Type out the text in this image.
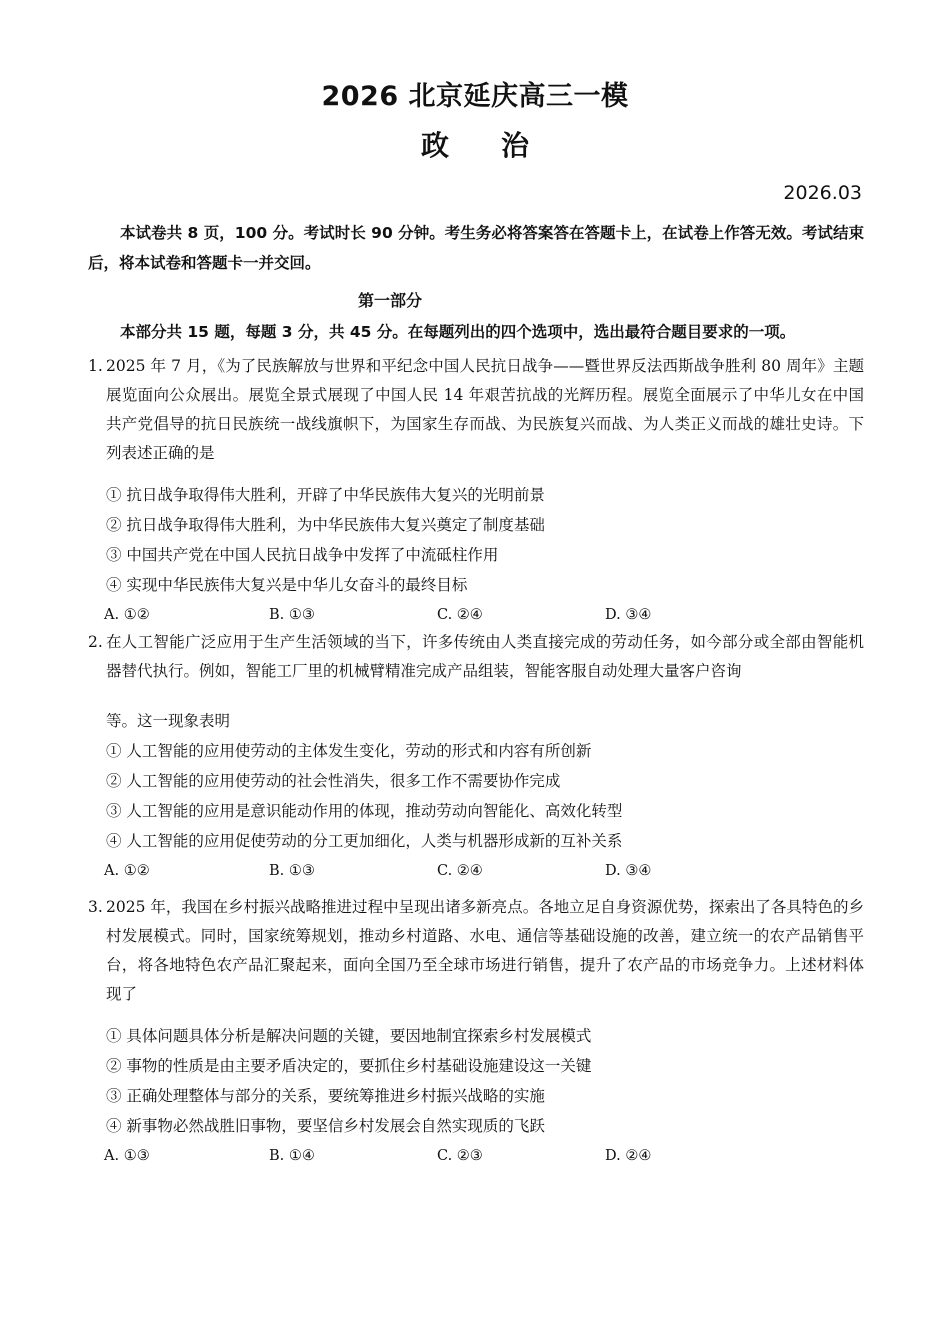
2026 北京延庆高三一模
政治
2026.03
本试卷共 8 页，100 分。考试时长 90 分钟。考生务必将答案答在答题卡上，在试卷上作答无效。考试结束后，将本试卷和答题卡一并交回。
第一部分
本部分共 15 题，每题 3 分，共 45 分。在每题列出的四个选项中，选出最符合题目要求的一项。
1. 2025 年 7 月，《为了民族解放与世界和平纪念中国人民抗日战争——暨世界反法西斯战争胜利 80 周年》主题展览面向公众展出。展览全景式展现了中国人民 14 年艰苦抗战的光辉历程。展览全面展示了中华儿女在中国共产党倡导的抗日民族统一战线旗帜下，为国家生存而战、为民族复兴而战、为人类正义而战的雄壮史诗。下列表述正确的是
① 抗日战争取得伟大胜利，开辟了中华民族伟大复兴的光明前景
② 抗日战争取得伟大胜利，为中华民族伟大复兴奠定了制度基础
③ 中国共产党在中国人民抗日战争中发挥了中流砥柱作用
④ 实现中华民族伟大复兴是中华儿女奋斗的最终目标
A. ①②	B. ①③	C. ②④	D. ③④
2. 在人工智能广泛应用于生产生活领域的当下，许多传统由人类直接完成的劳动任务，如今部分或全部由智能机器替代执行。例如，智能工厂里的机械臂精准完成产品组装，智能客服自动处理大量客户咨询
等。这一现象表明
① 人工智能的应用使劳动的主体发生变化，劳动的形式和内容有所创新
② 人工智能的应用使劳动的社会性消失，很多工作不需要协作完成
③ 人工智能的应用是意识能动作用的体现，推动劳动向智能化、高效化转型
④ 人工智能的应用促使劳动的分工更加细化，人类与机器形成新的互补关系
A. ①②	B. ①③	C. ②④	D. ③④
3. 2025 年，我国在乡村振兴战略推进过程中呈现出诸多新亮点。各地立足自身资源优势，探索出了各具特色的乡村发展模式。同时，国家统筹规划，推动乡村道路、水电、通信等基础设施的改善，建立统一的农产品销售平台，将各地特色农产品汇聚起来，面向全国乃至全球市场进行销售，提升了农产品的市场竞争力。上述材料体现了
① 具体问题具体分析是解决问题的关键，要因地制宜探索乡村发展模式
② 事物的性质是由主要矛盾决定的，要抓住乡村基础设施建设这一关键
③ 正确处理整体与部分的关系，要统筹推进乡村振兴战略的实施
④ 新事物必然战胜旧事物，要坚信乡村发展会自然实现质的飞跃
A. ①③	B. ①④	C. ②③	D. ②④
